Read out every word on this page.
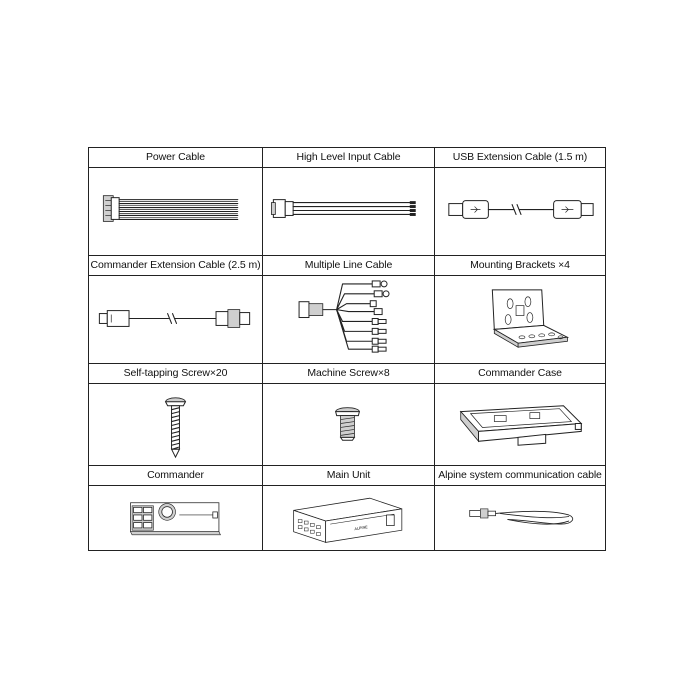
Power Cable	High Level Input Cable	USB Extension Cable (1.5 m)
Commander Extension Cable (2.5 m)	Multiple Line Cable	Mounting Brackets ×4
Self-tapping Screw×20	Machine Screw×8	Commander Case
Commander	Main Unit	Alpine system communication cable
ALPINE
